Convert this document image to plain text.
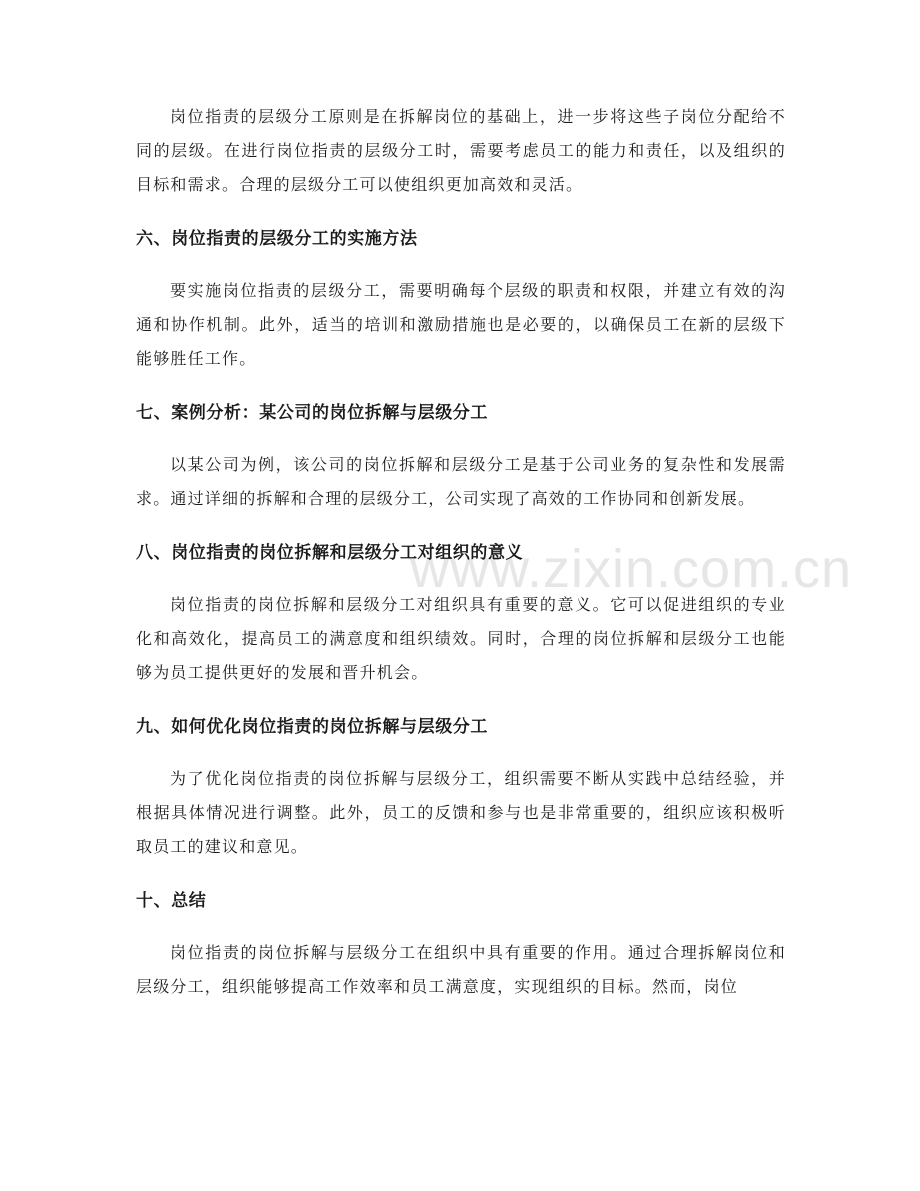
www.zixin.com.cn

岗位指责的层级分工原则是在拆解岗位的基础上，进一步将这些子岗位分配给不同的层级。在进行岗位指责的层级分工时，需要考虑员工的能力和责任，以及组织的目标和需求。合理的层级分工可以使组织更加高效和灵活。

六、岗位指责的层级分工的实施方法

要实施岗位指责的层级分工，需要明确每个层级的职责和权限，并建立有效的沟通和协作机制。此外，适当的培训和激励措施也是必要的，以确保员工在新的层级下能够胜任工作。

七、案例分析：某公司的岗位拆解与层级分工

以某公司为例，该公司的岗位拆解和层级分工是基于公司业务的复杂性和发展需求。通过详细的拆解和合理的层级分工，公司实现了高效的工作协同和创新发展。

八、岗位指责的岗位拆解和层级分工对组织的意义

岗位指责的岗位拆解和层级分工对组织具有重要的意义。它可以促进组织的专业化和高效化，提高员工的满意度和组织绩效。同时，合理的岗位拆解和层级分工也能够为员工提供更好的发展和晋升机会。

九、如何优化岗位指责的岗位拆解与层级分工

为了优化岗位指责的岗位拆解与层级分工，组织需要不断从实践中总结经验，并根据具体情况进行调整。此外，员工的反馈和参与也是非常重要的，组织应该积极听取员工的建议和意见。

十、总结

岗位指责的岗位拆解与层级分工在组织中具有重要的作用。通过合理拆解岗位和层级分工，组织能够提高工作效率和员工满意度，实现组织的目标。然而，岗位
